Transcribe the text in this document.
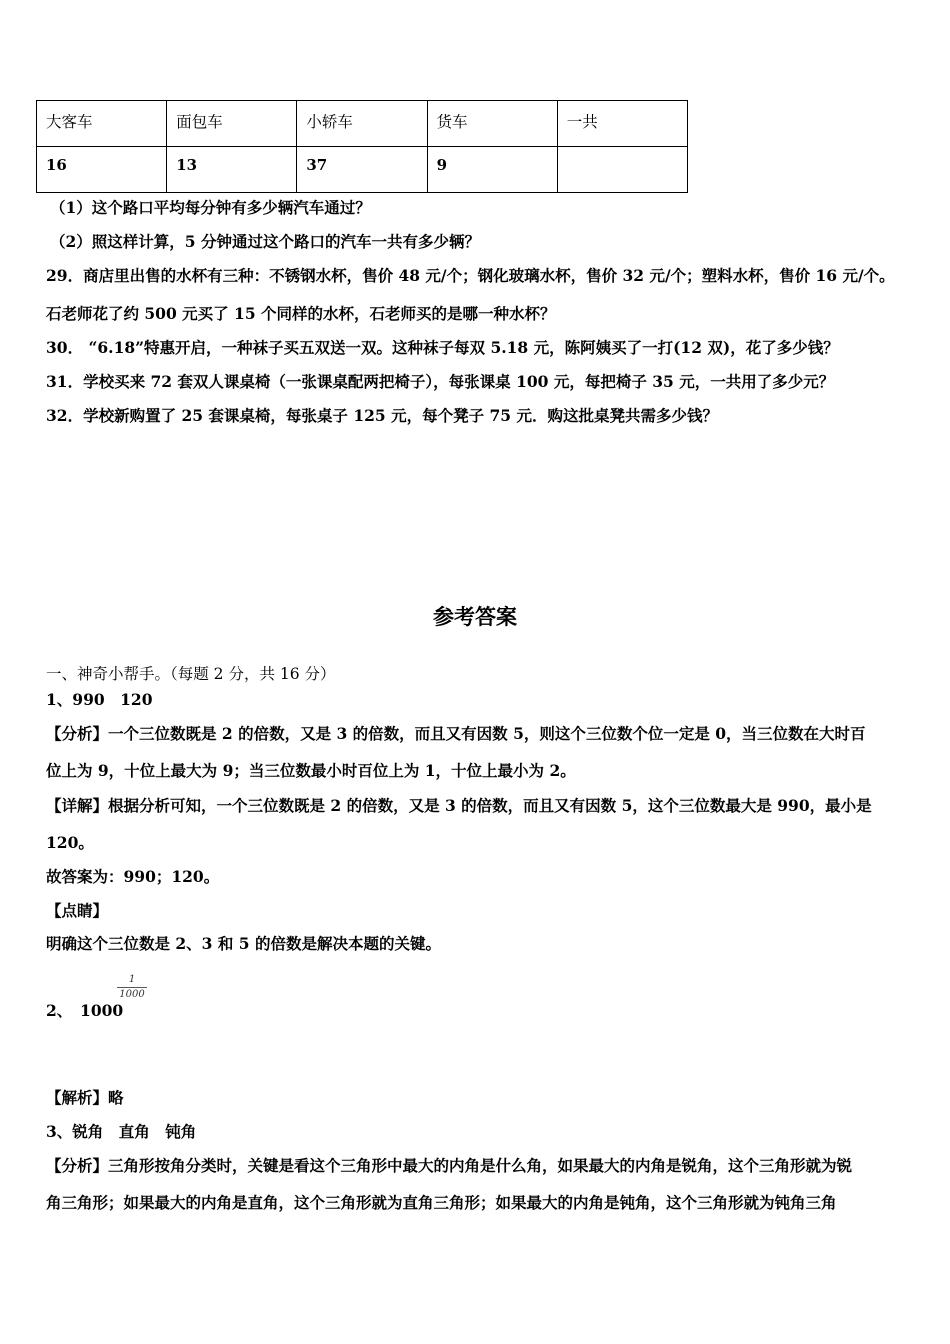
大客车	面包车	小轿车	货车	一共
16	13	37	9	
（1）这个路口平均每分钟有多少辆汽车通过？
（2）照这样计算，5 分钟通过这个路口的汽车一共有多少辆？
29．商店里出售的水杯有三种：不锈钢水杯，售价 48 元/个；钢化玻璃水杯，售价 32 元/个；塑料水杯，售价 16 元/个。
石老师花了约 500 元买了 15 个同样的水杯，石老师买的是哪一种水杯？
30． “6.18”特惠开启，一种袜子买五双送一双。这种袜子每双 5.18 元，陈阿姨买了一打(12 双)，花了多少钱？
31．学校买来 72 套双人课桌椅（一张课桌配两把椅子），每张课桌 100 元，每把椅子 35 元，一共用了多少元？
32．学校新购置了 25 套课桌椅，每张桌子 125 元，每个凳子 75 元．购这批桌凳共需多少钱？
参考答案
一、神奇小帮手。（每题 2 分，共 16 分）
1、990　120
【分析】一个三位数既是 2 的倍数，又是 3 的倍数，而且又有因数 5，则这个三位数个位一定是 0，当三位数在大时百
位上为 9，十位上最大为 9；当三位数最小时百位上为 1，十位上最小为 2。
【详解】根据分析可知，一个三位数既是 2 的倍数，又是 3 的倍数，而且又有因数 5，这个三位数最大是 990，最小是
120。
故答案为：990；120。
【点睛】
明确这个三位数是 2、3 和 5 的倍数是解决本题的关键。
1
1000
2、　1000
【解析】略
3、锐角　直角　钝角
【分析】三角形按角分类时，关键是看这个三角形中最大的内角是什么角，如果最大的内角是锐角，这个三角形就为锐
角三角形；如果最大的内角是直角，这个三角形就为直角三角形；如果最大的内角是钝角，这个三角形就为钝角三角
